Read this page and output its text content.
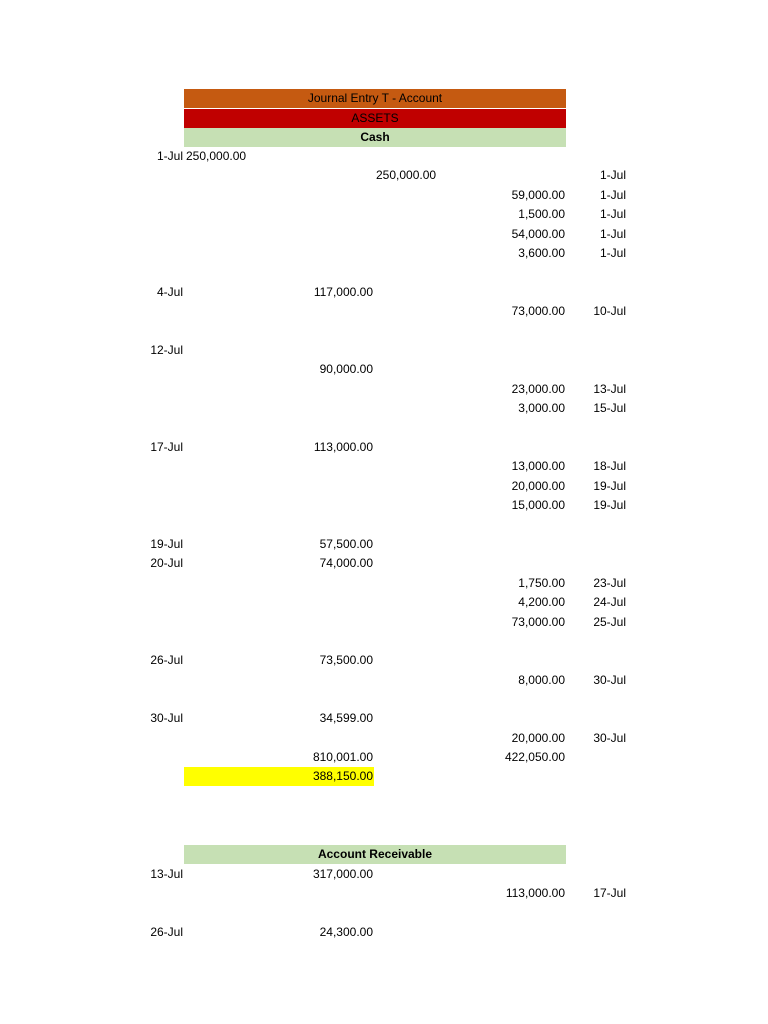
Journal Entry T - Account
ASSETS
Cash
1-Jul 250,000.00
250,000.00	1-Jul
59,000.00	1-Jul
1,500.00	1-Jul
54,000.00	1-Jul
3,600.00	1-Jul
4-Jul	117,000.00
73,000.00	10-Jul
12-Jul
90,000.00
23,000.00	13-Jul
3,000.00	15-Jul
17-Jul	113,000.00
13,000.00	18-Jul
20,000.00	19-Jul
15,000.00	19-Jul
19-Jul	57,500.00
20-Jul	74,000.00
1,750.00	23-Jul
4,200.00	24-Jul
73,000.00	25-Jul
26-Jul	73,500.00
8,000.00	30-Jul
30-Jul	34,599.00
20,000.00	30-Jul
810,001.00	422,050.00
388,150.00
Account Receivable
13-Jul	317,000.00
113,000.00	17-Jul
26-Jul	24,300.00
